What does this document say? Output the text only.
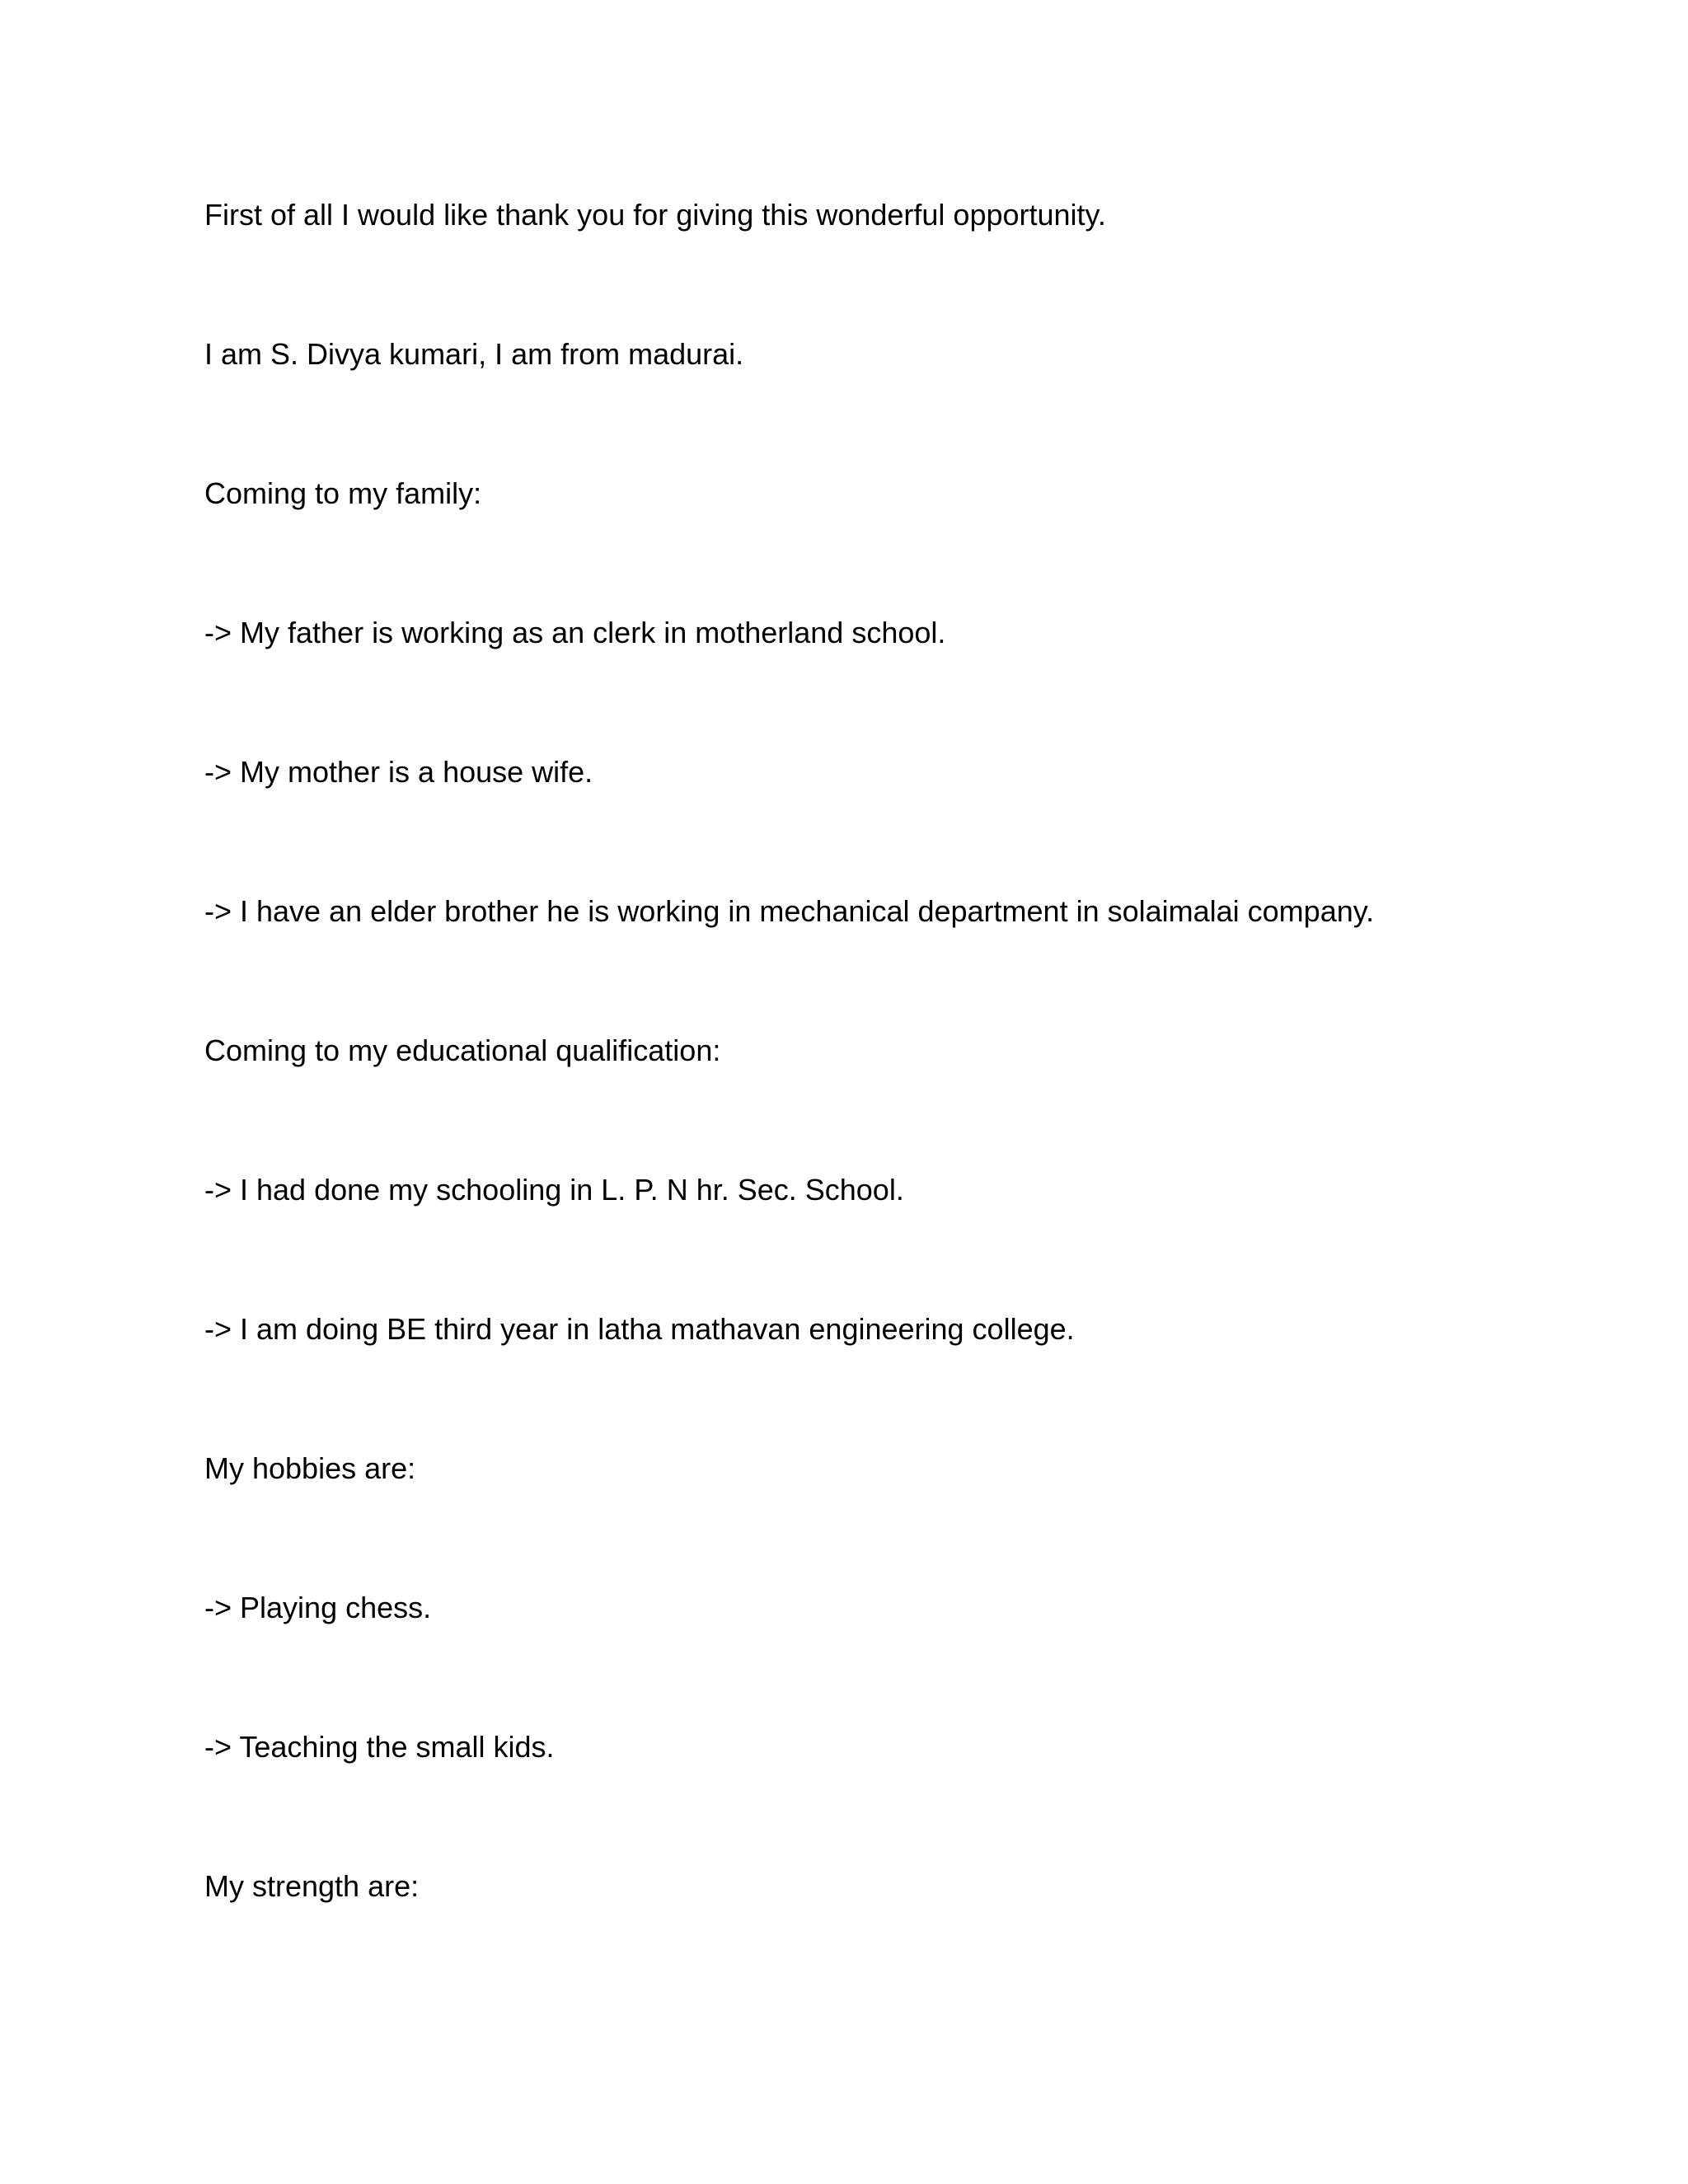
First of all I would like thank you for giving this wonderful opportunity.

I am S. Divya kumari, I am from madurai.

Coming to my family:

-> My father is working as an clerk in motherland school.

-> My mother is a house wife.

-> I have an elder brother he is working in mechanical department in solaimalai company.

Coming to my educational qualification:

-> I had done my schooling in L. P. N hr. Sec. School.

-> I am doing BE third year in latha mathavan engineering college.

My hobbies are:

-> Playing chess.

-> Teaching the small kids.

My strength are:
